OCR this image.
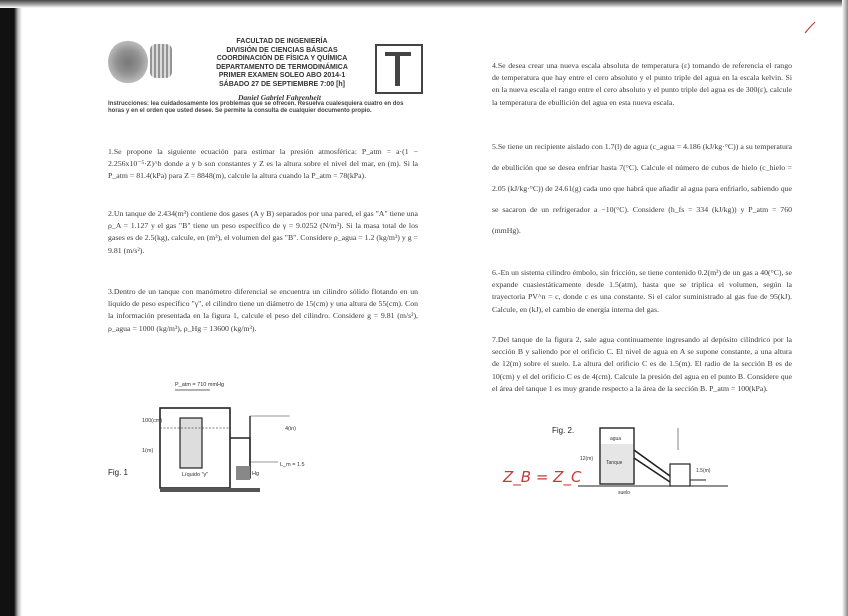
FACULTAD DE INGENIERÍA
DIVISIÓN DE CIENCIAS BÁSICAS
COORDINACIÓN DE FÍSICA Y QUÍMICA
DEPARTAMENTO DE TERMODINÁMICA
PRIMER EXAMEN SOLEO ABO 2014-1
SÁBADO 27 DE SEPTIEMBRE 7:00 [h]
Daniel Gabriel Fahrenheit
Instrucciones: lea cuidadosamente los problemas que se ofrecen. Resuelva cualesquiera cuatro en dos horas y en el orden que usted desee. Se permite la consulta de cualquier documento propio.
1.Se propone la siguiente ecuación para estimar la presión atmosférica: P_atm = a·(1 − 2.256x10⁻⁵·Z)^b donde a y b son constantes y Z es la altura sobre el nivel del mar, en (m). Si la P_atm = 81.4(kPa) para Z = 8848(m), calcule la altura cuando la P_atm = 78(kPa).
2.Un tanque de 2.434(m³) contiene dos gases (A y B) separados por una pared, el gas "A" tiene una ρ_A = 1.127 y el gas "B" tiene un peso específico de γ = 9.0252 (N/m³). Si la masa total de los gases es de 2.5(kg), calcule, en (m³), el volumen del gas "B". Considere ρ_agua = 1.2 (kg/m³) y g = 9.81 (m/s²).
3.Dentro de un tanque con manómetro diferencial se encuentra un cilindro sólido flotando en un líquido de peso específico "γ", el cilindro tiene un diámetro de 15(cm) y una altura de 55(cm). Con la información presentada en la figura 1, calcule el peso del cilindro. Considere g = 9.81 (m/s²), ρ_agua = 1000 (kg/m³), ρ_Hg = 13600 (kg/m³).
4.Se desea crear una nueva escala absoluta de temperatura (ε) tomando de referencia el rango de temperatura que hay entre el cero absoluto y el punto triple del agua en la escala kelvin. Si en la nueva escala el rango entre el cero absoluto y el punto triple del agua es de 300(ε), calcule la temperatura de ebullición del agua en esta nueva escala.
5.Se tiene un recipiente aislado con 1.7(l) de agua (c_agua = 4.186 (kJ/kg·°C)) a su temperatura de ebullición que se desea enfriar hasta 7(°C). Calcule el número de cubos de hielo (c_hielo = 2.05 (kJ/kg·°C)) de 24.61(g) cada uno que habrá que añadir al agua para enfriarlo, sabiendo que se sacaron de un refrigerador a −10(°C). Considere (h_fs = 334 (kJ/kg)) y P_atm = 760 (mmHg).
6.-En un sistema cilindro émbolo, sin fricción, se tiene contenido 0.2(m³) de un gas a 40(°C), se expande cuasiestáticamente desde 1.5(atm), hasta que se triplica el volumen, según la trayectoria PV^n = c, donde c es una constante. Si el calor suministrado al gas fue de 95(kJ). Calcule, en (kJ), el cambio de energía interna del gas.
7.Del tanque de la figura 2, sale agua continuamente ingresando al depósito cilíndrico por la sección B y saliendo por el orificio C. El nivel de agua en A se supone constante, a una altura de 12(m) sobre el suelo. La altura del orificio C es de 1.5(m). El radio de la sección B es de 10(cm) y el del orificio C es de 4(cm). Calcule la presión del agua en el punto B. Considere que el área del tanque 1 es muy grande respecto a la área de la sección B. P_atm = 100(kPa).
Fig. 1
P_atm = 710 mmHg
100(cm)
1(m)
Líquido "γ"
4(in)
Hg
L_m = 1.5
Fig. 2.
agua
Tanque
12(m)
1.5(m)
suelo
Z_B = Z_C
